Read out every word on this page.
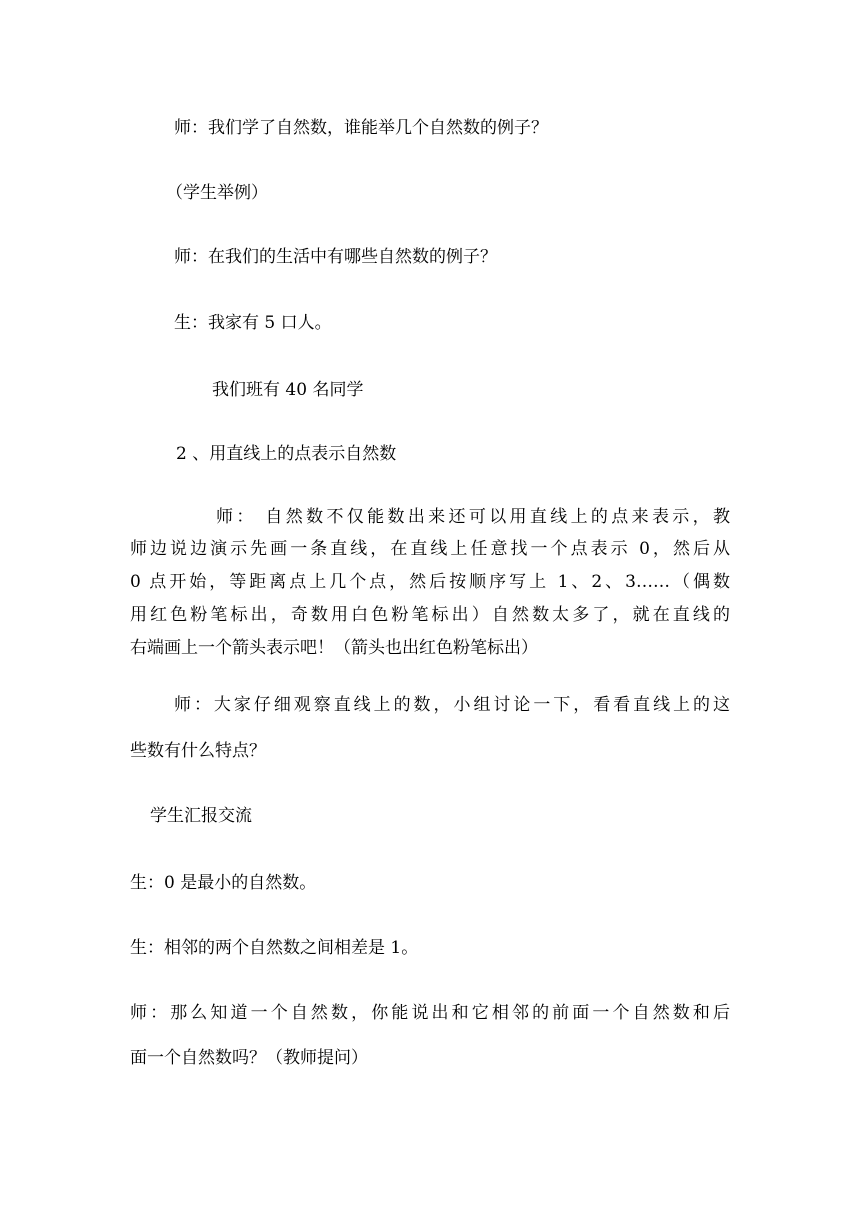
师：我们学了自然数，谁能举几个自然数的例子？

（学生举例）

师：在我们的生活中有哪些自然数的例子？

生：我家有 5 口人。

我们班有 40 名同学

2 、用直线上的点表示自然数

师： 自然数不仅能数出来还可以用直线上的点来表示，教

师边说边演示先画一条直线，在直线上任意找一个点表示 0，然后从

0 点开始，等距离点上几个点，然后按顺序写上 1、2、3……（偶数

用红色粉笔标出，奇数用白色粉笔标出）自然数太多了，就在直线的

右端画上一个箭头表示吧！（箭头也出红色粉笔标出）

师：大家仔细观察直线上的数，小组讨论一下，看看直线上的这

些数有什么特点？

学生汇报交流

生：0 是最小的自然数。

生：相邻的两个自然数之间相差是 1。

师：那么知道一个自然数，你能说出和它相邻的前面一个自然数和后

面一个自然数吗？（教师提问）
